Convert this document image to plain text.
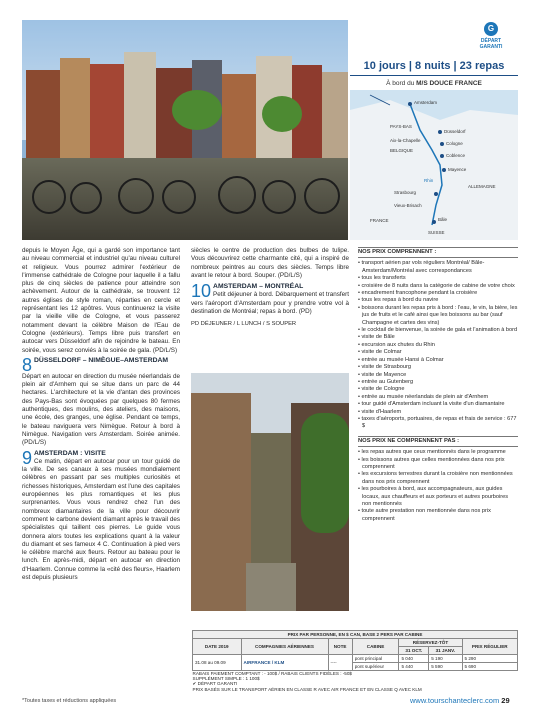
G
DÉPART
GARANTI
10 jours | 8 nuits | 23 repas
À bord du M/S DOUCE FRANCE
Amsterdam
PAYS-BAS
Aix-la-Chapelle
BELGIQUE
Düsseldorf
Cologne
Coblence
Mayence
Rhin
ALLEMAGNE
Strasbourg
Vieux-Brisach
FRANCE	Bâle
SUISSE

depuis le Moyen Âge, qui a gardé son importance tant au niveau commercial et industriel qu'au niveau culturel et religieux. Vous pourrez admirer l'extérieur de l'immense cathédrale de Cologne pour laquelle il a fallu plus de cinq siècles de patience pour atteindre son achèvement. Autour de la cathédrale, se trouvent 12 autres églises de style roman, réparties en cercle et représentant les 12 apôtres. Vous continuerez la visite par la vieille ville de Cologne, et vous passerez notamment devant la célèbre Maison de l'Eau de Cologne (extérieurs). Temps libre puis transfert en autocar vers Düsseldorf afin de rejoindre le bateau. En soirée, vous serez conviés à la soirée de gala. (PD/L/S)

8 DÜSSELDORF – NIMÈGUE–AMSTERDAM

Départ en autocar en direction du musée néerlandais de plein air d'Arnhem qui se situe dans un parc de 44 hectares. L'architecture et la vie d'antan des provinces des Pays-Bas sont évoquées par quelques 80 fermes authentiques, des moulins, des ateliers, des maisons, une école, des granges, une église. Pendant ce temps, le bateau naviguera vers Nimègue. Retour à bord à Nimègue. Navigation vers Amsterdam. Soirée animée. (PD/L/S)

9 AMSTERDAM : VISITE

Ce matin, départ en autocar pour un tour guidé de la ville. De ses canaux à ses musées mondialement célèbres en passant par ses multiples curiosités et richesses historiques, Amsterdam est l'une des capitales européennes les plus romantiques et les plus surprenantes. Vous vous rendrez chez l'un des nombreux diamantaires de la ville pour découvrir comment le carbone devient diamant après le travail des spécialistes qui taillent ces pierres. Le guide vous donnera alors toutes les explications quant à la valeur du diamant et ses fameux 4 C. Continuation à pied vers le célèbre marché aux fleurs. Retour au bateau pour le lunch. En après-midi, départ en autocar en direction d'Haarlem. Connue comme la «cité des fleurs», Haarlem est depuis plusieurs

siècles le centre de production des bulbes de tulipe. Vous découvrirez cette charmante cité, qui a inspiré de nombreux peintres au cours des siècles. Temps libre avant le retour à bord. Souper. (PD/L/S)

10 AMSTERDAM – MONTRÉAL

Petit déjeuner à bord. Débarquement et transfert vers l'aéroport d'Amsterdam pour y prendre votre vol à destination de Montréal; repas à bord. (PD)

PD DÉJEUNER / L LUNCH / S SOUPER

NOS PRIX COMPRENNENT :
• transport aérien par vols réguliers Montréal/ Bâle-Amsterdam/Montréal avec correspondances
• tous les transferts
• croisière de 8 nuits dans la catégorie de cabine de votre choix
• encadrement francophone pendant la croisière
• tous les repas à bord du navire
• boissons durant les repas pris à bord : l'eau, le vin, la bière, les jus de fruits et le café ainsi que les boissons au bar (sauf Champagne et cartes des vins)
• le cocktail de bienvenue, la soirée de gala et l'animation à bord
• visite de Bâle
• excursion aux chutes du Rhin
• visite de Colmar
• entrée au musée Hansi à Colmar
• visite de Strasbourg
• visite de Mayence
• entrée au Gutenberg
• visite de Cologne
• entrée au musée néerlandais de plein air d'Arnhem
• tour guidé d'Amsterdam incluant la visite d'un diamantaire
• visite d'Haarlem
• taxes d'aéroports, portuaires, de repas et frais de service : 677 $
NOS PRIX NE COMPRENNENT PAS :
• les repas autres que ceux mentionnés dans le programme
• les boissons autres que celles mentionnées dans nos prix comprennent
• les excursions terrestres durant la croisière non mentionnées dans nos prix comprennent
• les pourboires à bord, aux accompagnateurs, aux guides locaux, aux chauffeurs et aux porteurs et autres pourboires non mentionnés
• toute autre prestation non mentionnée dans nos prix comprennent
PRIX PAR PERSONNE, EN $ CAN, BASE 2 PERS PAR CABINE						
DATE 2019	COMPAGNIES AÉRIENNES	NOTE	CABINE	RÉSERVEZ-TÔT		PRIX RÉGULIER
				31 OCT.	31 JANV.	
31.08 au 09.09	AIRFRANCE / KLM	----	pont principal	5 040	5 190	5 290
			pont supérieur	5 440	5 590	5 690

RABAIS PAIEMENT COMPTANT : - 100$ / RABAIS CLIENTS FIDÈLES : -50$
SUPPLÉMENT SIMPLE : 1 100$
✔ DÉPART GARANTI
PRIX BASÉS SUR LE TRANSPORT AÉRIEN EN CLASSE R AVEC AIR FRANCE ET EN CLASSE Q AVEC KLM						
*Toutes taxes et réductions appliquées	www.tourschanteclerc.com 29
